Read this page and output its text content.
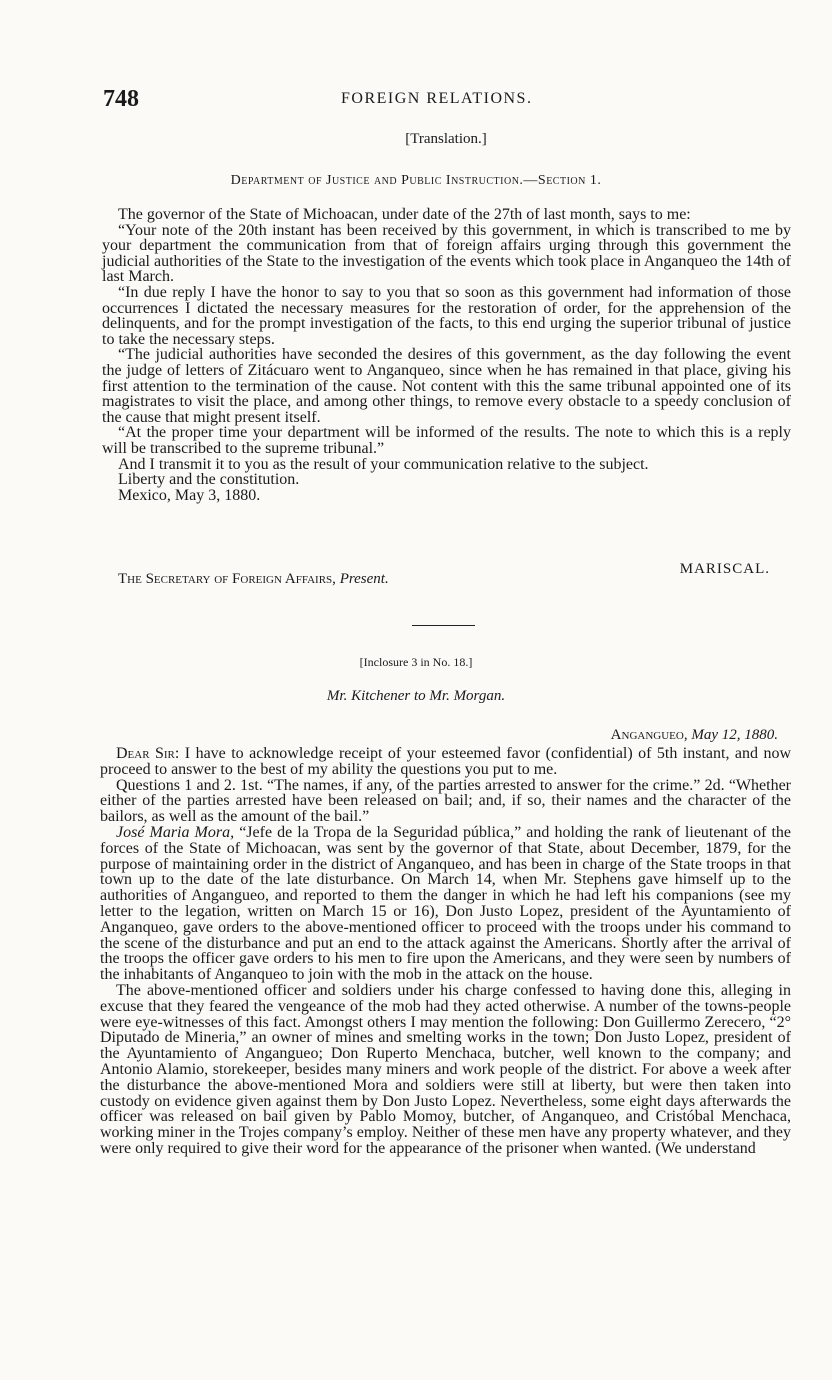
748	FOREIGN RELATIONS.
[Translation.]
Department of Justice and Public Instruction.—Section 1.

The governor of the State of Michoacan, under date of the 27th of last month, says to me:

“Your note of the 20th instant has been received by this government, in which is transcribed to me by your department the communication from that of foreign affairs urging through this government the judicial authorities of the State to the investigation of the events which took place in Anganqueo the 14th of last March.

“In due reply I have the honor to say to you that so soon as this government had information of those occurrences I dictated the necessary measures for the restoration of order, for the apprehension of the delinquents, and for the prompt investigation of the facts, to this end urging the superior tribunal of justice to take the necessary steps.

“The judicial authorities have seconded the desires of this government, as the day following the event the judge of letters of Zitácuaro went to Anganqueo, since when he has remained in that place, giving his first attention to the termination of the cause. Not content with this the same tribunal appointed one of its magistrates to visit the place, and among other things, to remove every obstacle to a speedy conclusion of the cause that might present itself.

“At the proper time your department will be informed of the results. The note to which this is a reply will be transcribed to the supreme tribunal.”

And I transmit it to you as the result of your communication relative to the subject.

Liberty and the constitution.

Mexico, May 3, 1880.

MARISCAL.
The Secretary of Foreign Affairs, Present.
[Inclosure 3 in No. 18.]
Mr. Kitchener to Mr. Morgan.
Angangueo, May 12, 1880.

Dear Sir: I have to acknowledge receipt of your esteemed favor (confidential) of 5th instant, and now proceed to answer to the best of my ability the questions you put to me.

Questions 1 and 2. 1st. “The names, if any, of the parties arrested to answer for the crime.” 2d. “Whether either of the parties arrested have been released on bail; and, if so, their names and the character of the bailors, as well as the amount of the bail.”

José Maria Mora, “Jefe de la Tropa de la Seguridad pública,” and holding the rank of lieutenant of the forces of the State of Michoacan, was sent by the governor of that State, about December, 1879, for the purpose of maintaining order in the district of Anganqueo, and has been in charge of the State troops in that town up to the date of the late disturbance. On March 14, when Mr. Stephens gave himself up to the authorities of Angangueo, and reported to them the danger in which he had left his companions (see my letter to the legation, written on March 15 or 16), Don Justo Lopez, president of the Ayuntamiento of Anganqueo, gave orders to the above-mentioned officer to proceed with the troops under his command to the scene of the disturbance and put an end to the attack against the Americans. Shortly after the arrival of the troops the officer gave orders to his men to fire upon the Americans, and they were seen by numbers of the inhabitants of Anganqueo to join with the mob in the attack on the house.

The above-mentioned officer and soldiers under his charge confessed to having done this, alleging in excuse that they feared the vengeance of the mob had they acted otherwise. A number of the towns-people were eye-witnesses of this fact. Amongst others I may mention the following: Don Guillermo Zerecero, “2° Diputado de Mineria,” an owner of mines and smelting works in the town; Don Justo Lopez, president of the Ayuntamiento of Angangueo; Don Ruperto Menchaca, butcher, well known to the company; and Antonio Alamio, storekeeper, besides many miners and work people of the district. For above a week after the disturbance the above-mentioned Mora and soldiers were still at liberty, but were then taken into custody on evidence given against them by Don Justo Lopez. Nevertheless, some eight days afterwards the officer was released on bail given by Pablo Momoy, butcher, of Anganqueo, and Cristóbal Menchaca, working miner in the Trojes company’s employ. Neither of these men have any property whatever, and they were only required to give their word for the appearance of the prisoner when wanted. (We understand
